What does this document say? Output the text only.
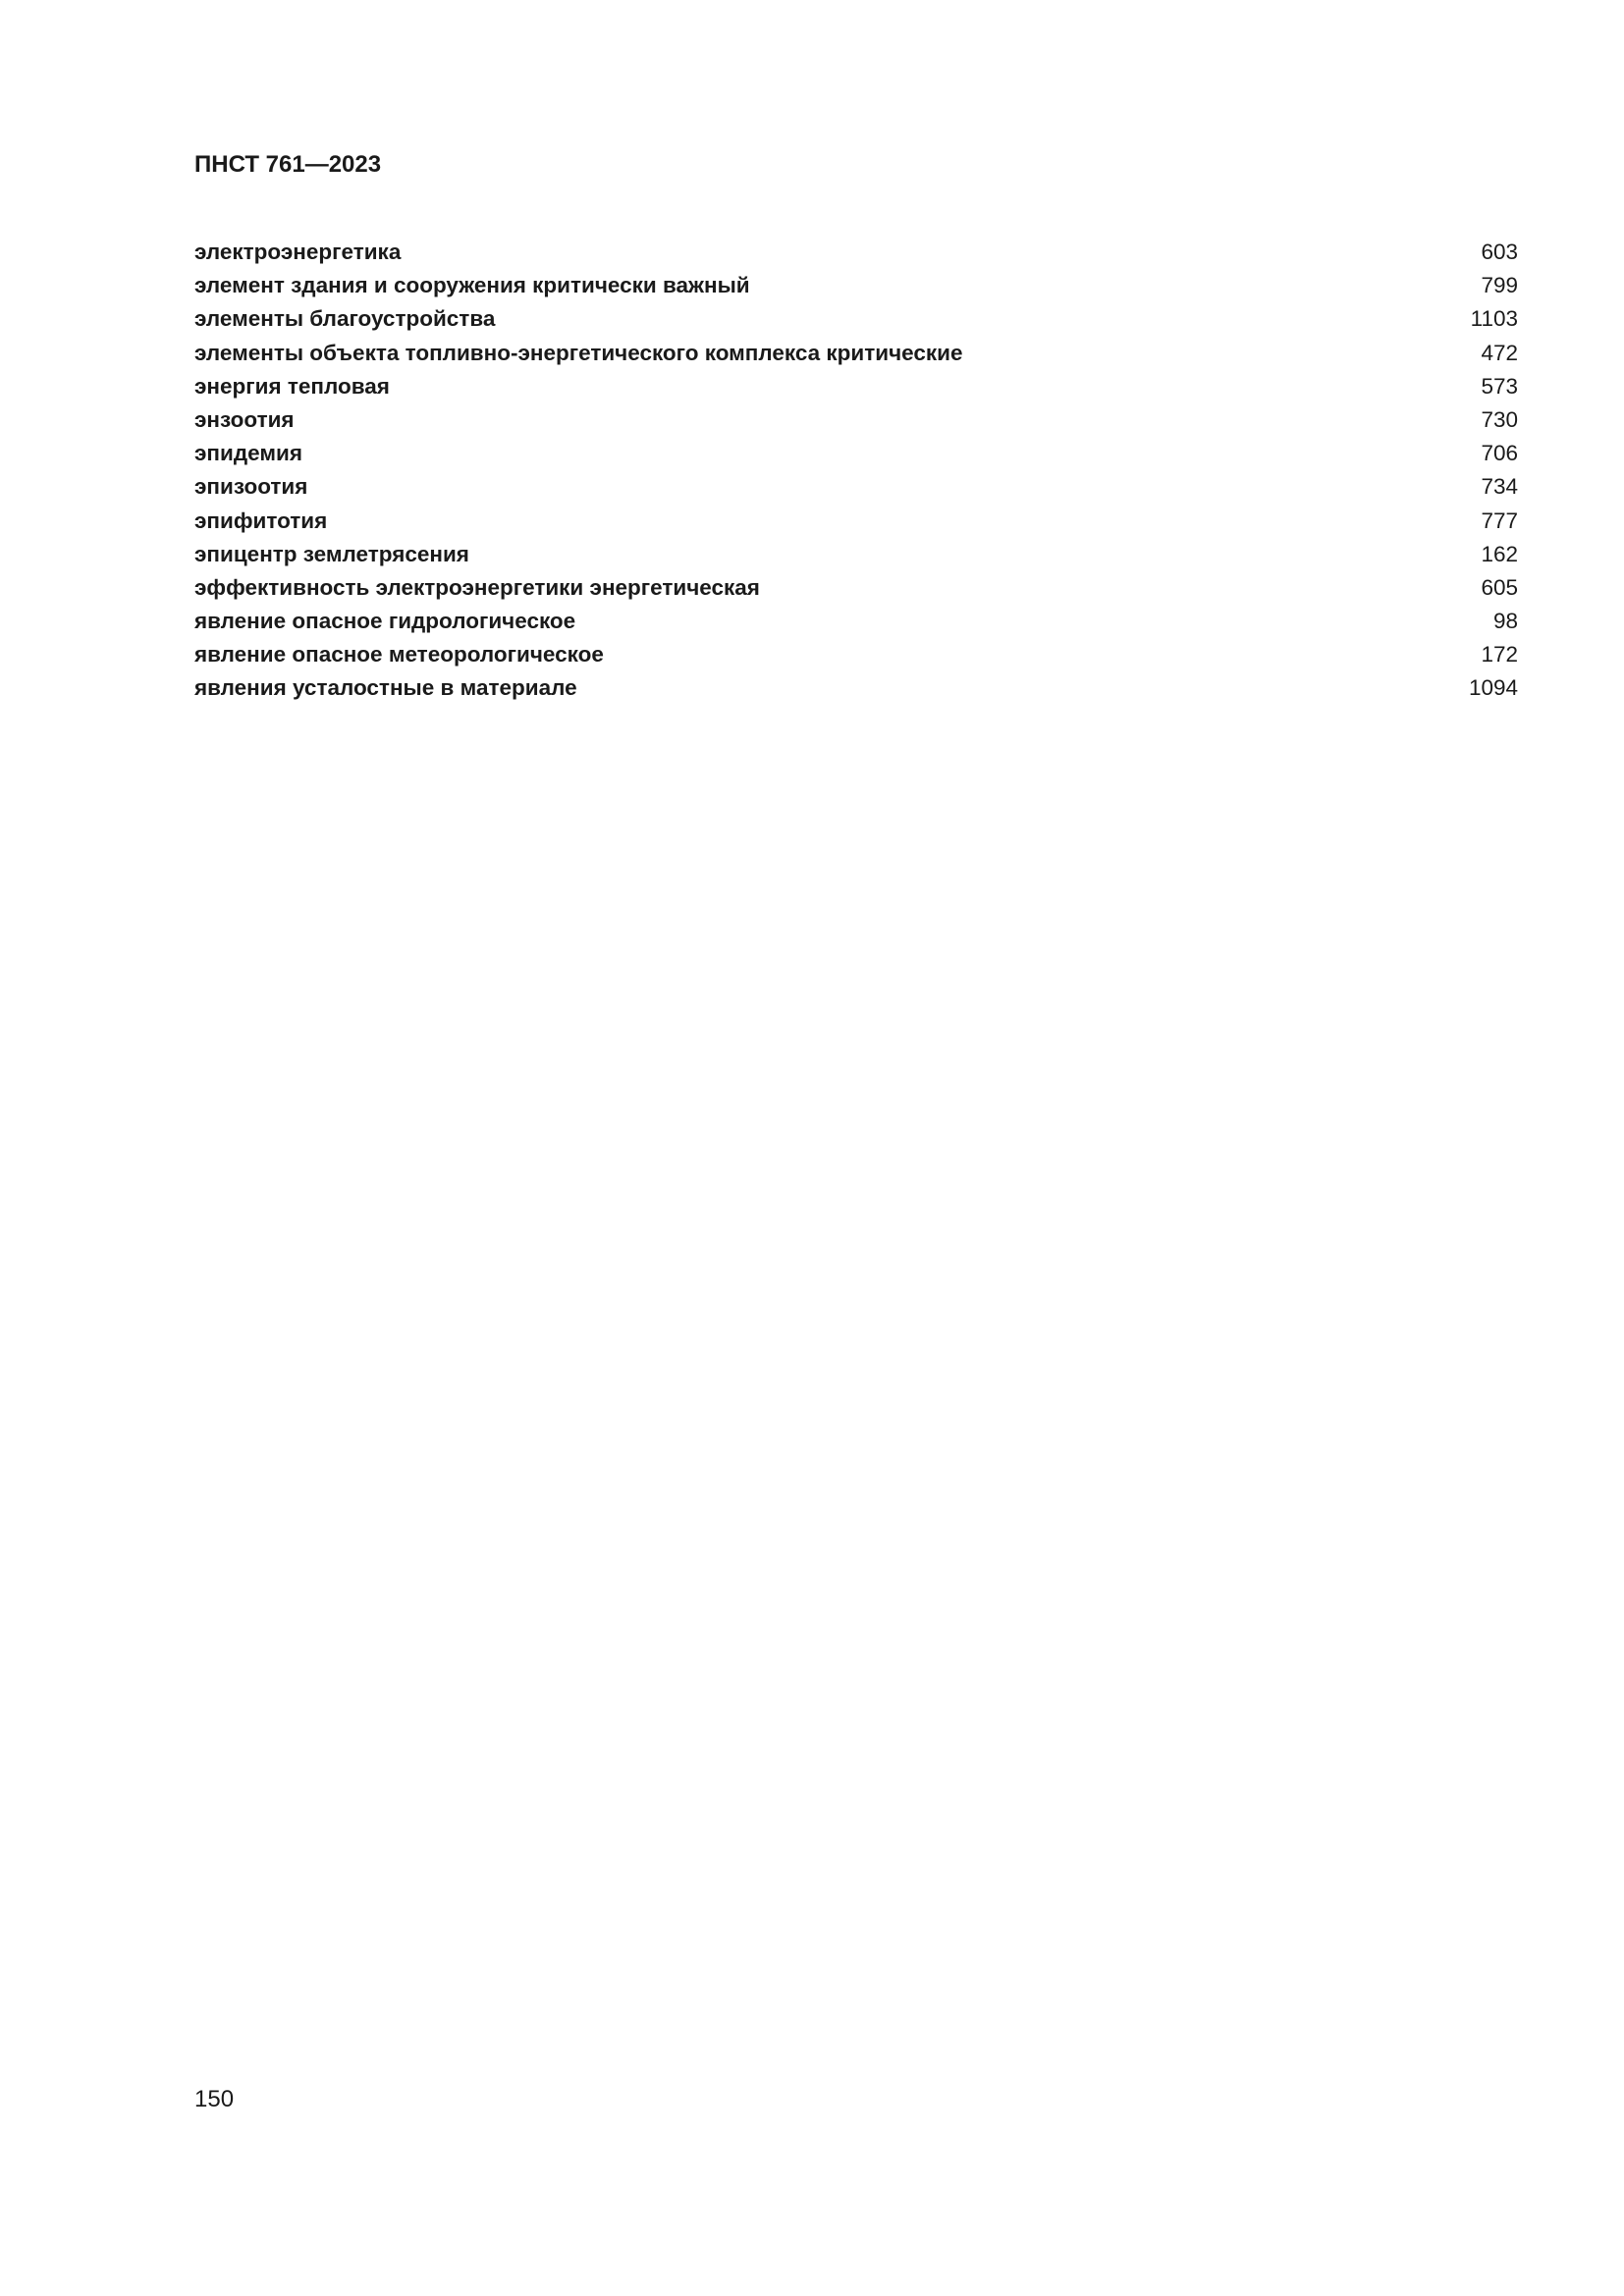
ПНСТ 761—2023
электроэнергетика	603
элемент здания и сооружения критически важный	799
элементы благоустройства	1103
элементы объекта топливно-энергетического комплекса критические	472
энергия тепловая	573
энзоотия	730
эпидемия	706
эпизоотия	734
эпифитотия	777
эпицентр землетрясения	162
эффективность электроэнергетики энергетическая	605
явление опасное гидрологическое	98
явление опасное метеорологическое	172
явления усталостные в материале	1094
150
